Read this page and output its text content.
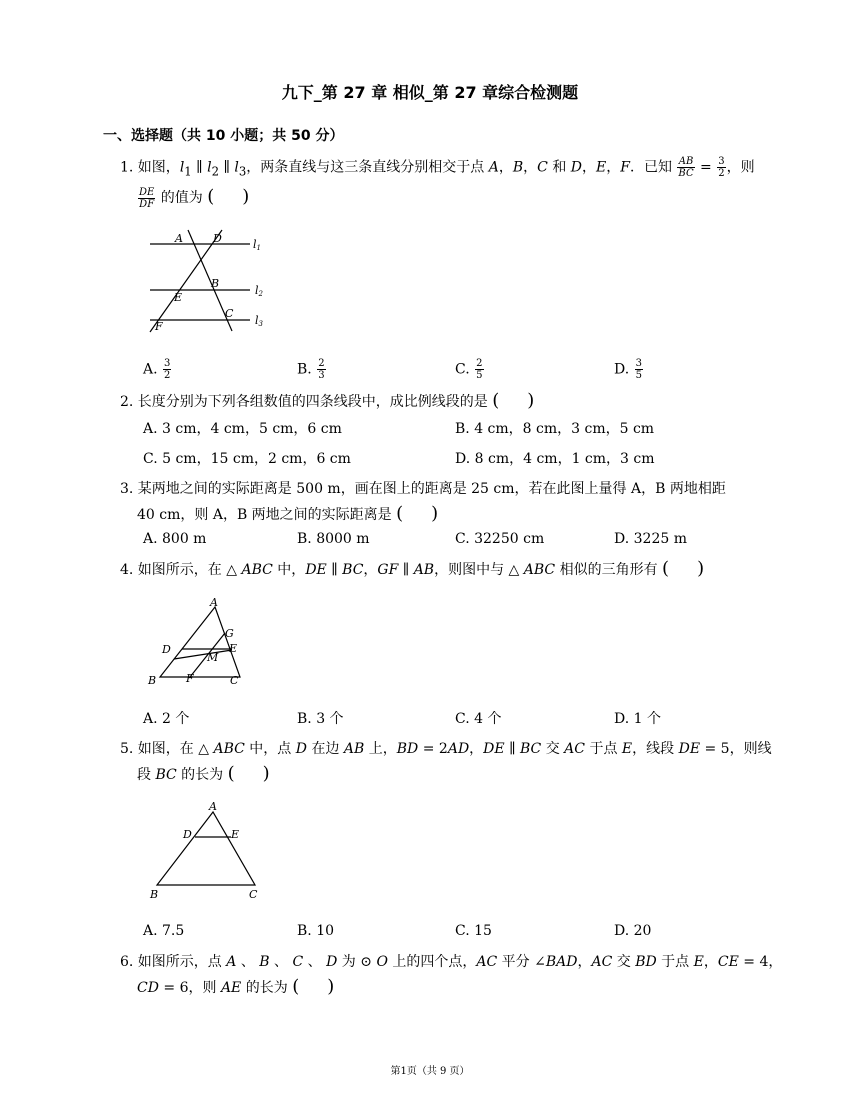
九下_第 27 章 相似_第 27 章综合检测题
一、选择题（共 10 小题；共 50 分）
1. 如图，$l_1$ ∥ $l_2$ ∥ $l_3$，两条直线与这三条直线分别相交于点 A，B，C 和 D，E，F．已知 $\frac{AB}{BC} = \frac{3}{2}$ ，则
$\frac{DE}{DF}$ 的值为 (　　 )
A	D	l1
B
l2
E
C
l3
F
A. $\frac{3}{2}$	B. $\frac{2}{3}$	C. $\frac{2}{5}$	D. $\frac{3}{5}$
2. 长度分别为下列各组数值的四条线段中，成比例线段的是 (　　 )
A. 3 cm，4 cm，5 cm，6 cm	B. 4 cm，8 cm，3 cm，5 cm
C. 5 cm，15 cm，2 cm，6 cm	D. 8 cm，4 cm，1 cm，3 cm
3. 某两地之间的实际距离是 500 m，画在图上的距离是 25 cm，若在此图上量得 A，B 两地相距
40 cm，则 A，B 两地之间的实际距离是 (　　 )
A. 800 m	B. 8000 m	C. 32250 cm	D. 3225 m
4. 如图所示，在 △ ABC 中，DE ∥ BC，GF ∥ AB，则图中与 △ ABC 相似的三角形有 (　　 )
A
G
D
M
E
B	F	C
A. 2 个	B. 3 个	C. 4 个	D. 1 个
5. 如图，在 △ ABC 中，点 D 在边 AB 上，BD = 2AD，DE ∥ BC 交 AC 于点 E，线段 DE = 5，则线
段 BC 的长为 (　　 )
A
D	E
B	C
A. 7.5	B. 10	C. 15	D. 20
6. 如图所示，点 A 、 B 、 C 、 D 为 ⊙ O 上的四个点，AC 平分 ∠BAD，AC 交 BD 于点 E，CE = 4，
CD = 6，则 AE 的长为 (　　 )
第1页（共 9 页）
